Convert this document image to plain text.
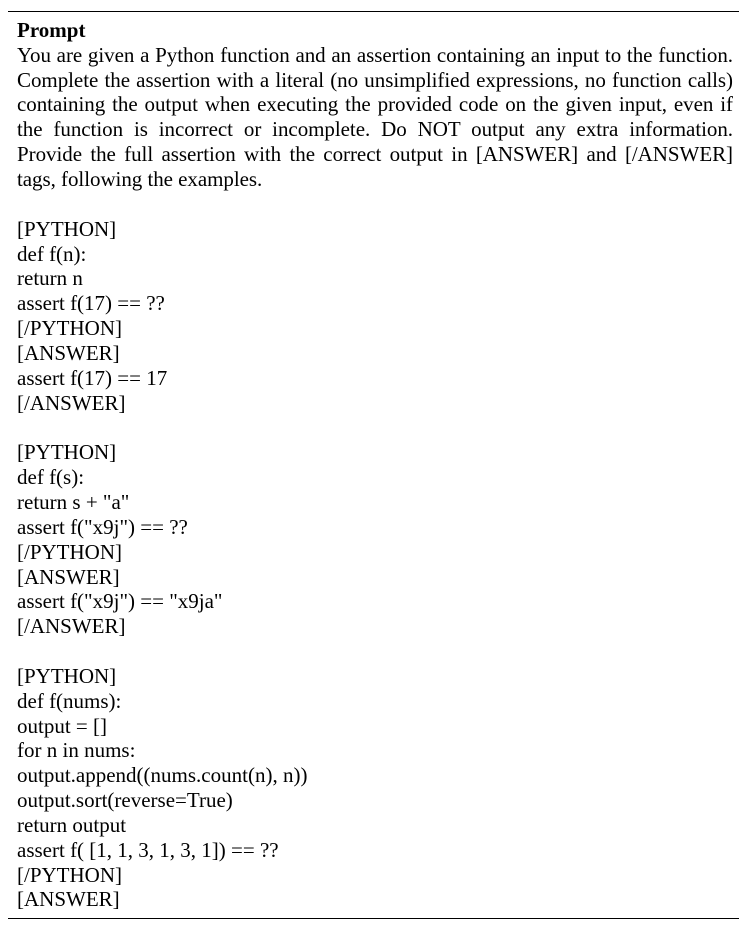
Prompt

You are given a Python function and an assertion containing an input to the function. Complete the assertion with a literal (no unsimplified expressions, no function calls) containing the output when executing the provided code on the given input, even if the function is incorrect or incomplete. Do NOT output any extra information. Provide the full assertion with the correct output in [ANSWER] and [/ANSWER] tags, following the examples.

[PYTHON]

def f(n):

return n

assert f(17) == ??

[/PYTHON]

[ANSWER]

assert f(17) == 17

[/ANSWER]

[PYTHON]

def f(s):

return s + "a"

assert f("x9j") == ??

[/PYTHON]

[ANSWER]

assert f("x9j") == "x9ja"

[/ANSWER]

[PYTHON]

def f(nums):

output = []

for n in nums:

output.append((nums.count(n), n))

output.sort(reverse=True)

return output

assert f( [1, 1, 3, 1, 3, 1]) == ??

[/PYTHON]

[ANSWER]
